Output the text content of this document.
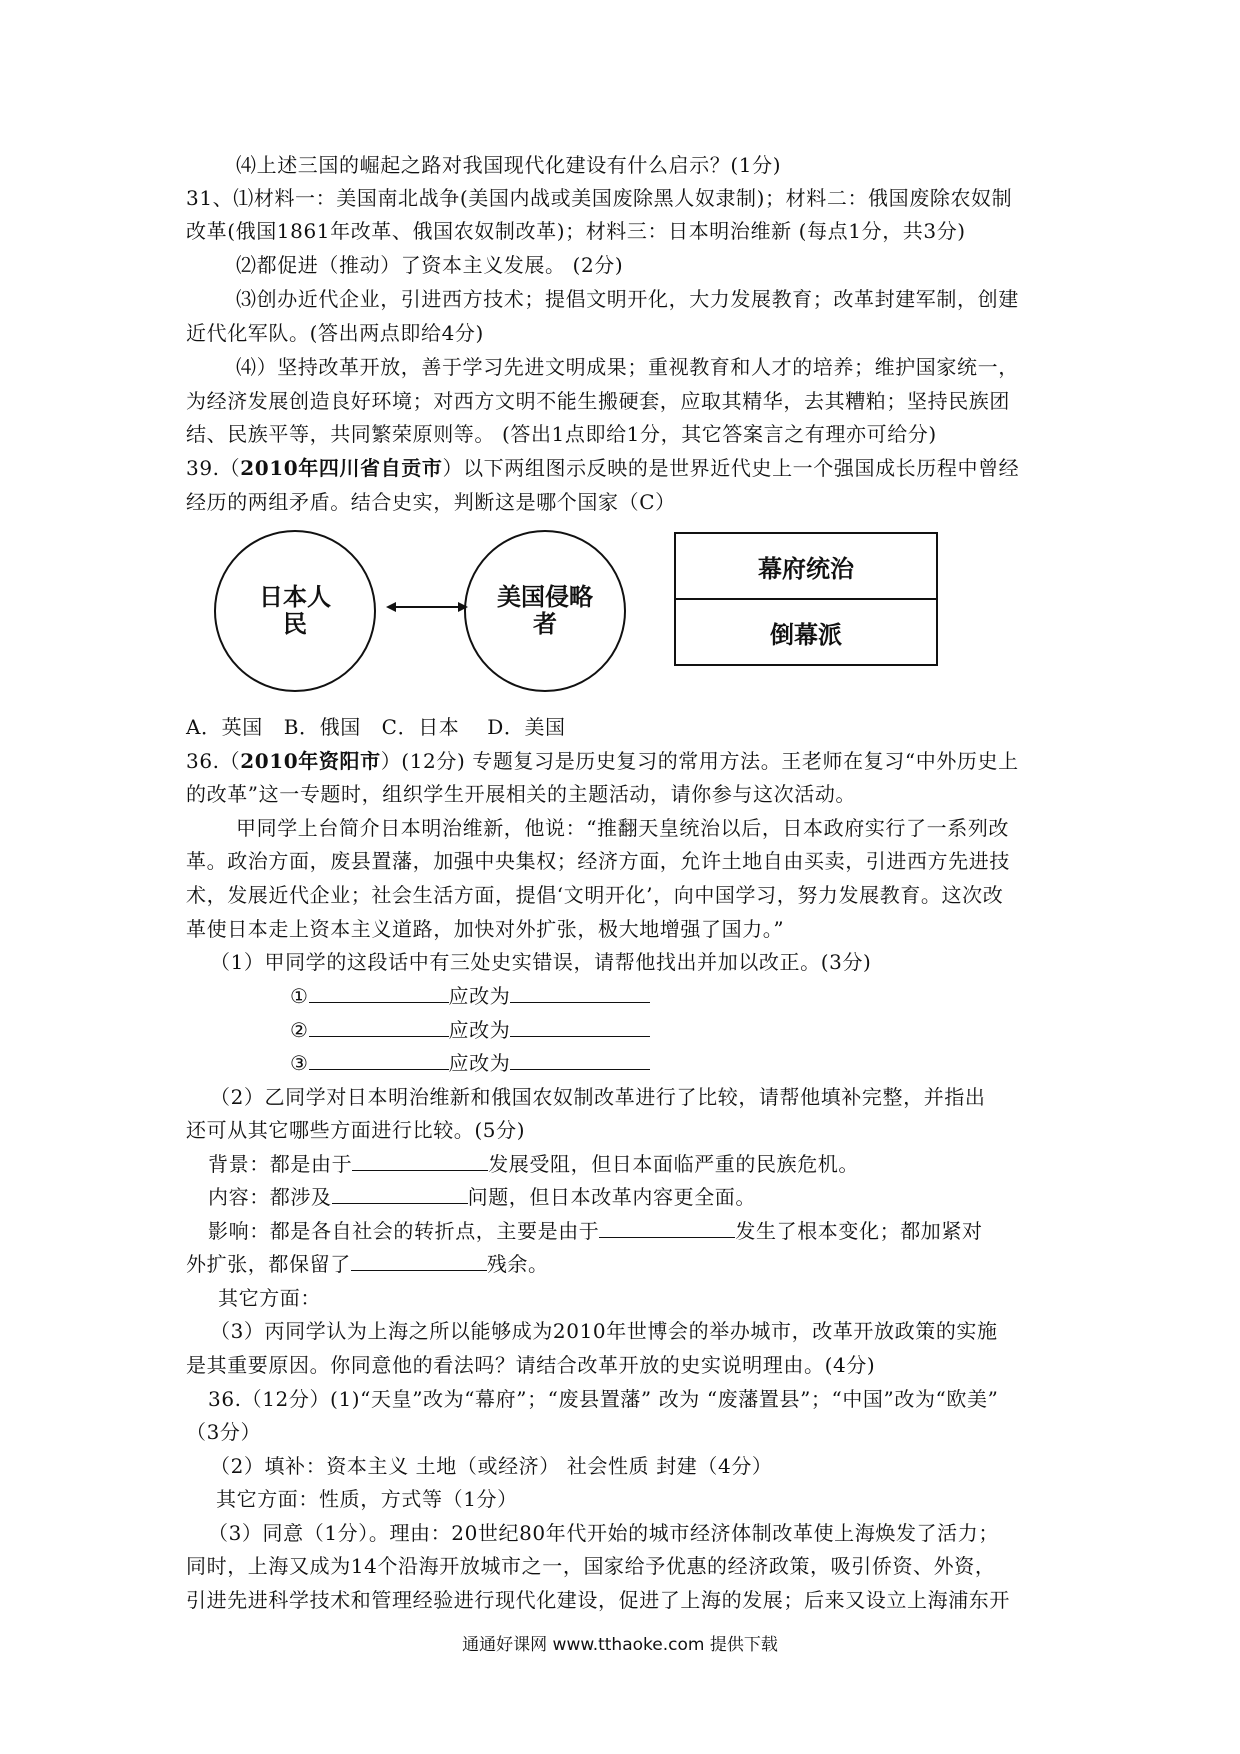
⑷上述三国的崛起之路对我国现代化建设有什么启示？(1分)
31、⑴材料一：美国南北战争(美国内战或美国废除黑人奴隶制)；材料二：俄国废除农奴制
改革(俄国1861年改革、俄国农奴制改革)；材料三：日本明治维新 (每点1分，共3分)
⑵都促进（推动）了资本主义发展。 (2分)
⑶创办近代企业，引进西方技术；提倡文明开化，大力发展教育；改革封建军制，创建
近代化军队。(答出两点即给4分)
⑷）坚持改革开放，善于学习先进文明成果；重视教育和人才的培养；维护国家统一，
为经济发展创造良好环境；对西方文明不能生搬硬套，应取其精华，去其糟粕；坚持民族团
结、民族平等，共同繁荣原则等。 (答出1点即给1分，其它答案言之有理亦可给分)
39.（2010年四川省自贡市）以下两组图示反映的是世界近代史上一个强国成长历程中曾经
经历的两组矛盾。结合史实，判断这是哪个国家（C）
日本人民
美国侵略者
幕府统治
倒幕派
A．英国   B．俄国   C．日本    D．美国
36.（2010年资阳市）(12分) 专题复习是历史复习的常用方法。王老师在复习“中外历史上
的改革”这一专题时，组织学生开展相关的主题活动，请你参与这次活动。
甲同学上台简介日本明治维新，他说：“推翻天皇统治以后，日本政府实行了一系列改
革。政治方面，废县置藩，加强中央集权；经济方面，允许土地自由买卖，引进西方先进技
术，发展近代企业；社会生活方面，提倡‘文明开化’，向中国学习，努力发展教育。这次改
革使日本走上资本主义道路，加快对外扩张，极大地增强了国力。”
（1）甲同学的这段话中有三处史实错误，请帮他找出并加以改正。(3分)
①	应改为
②	应改为
③	应改为
（2）乙同学对日本明治维新和俄国农奴制改革进行了比较，请帮他填补完整，并指出
还可从其它哪些方面进行比较。(5分)
背景：都是由于	发展受阻，但日本面临严重的民族危机。
内容：都涉及	问题，但日本改革内容更全面。
影响：都是各自社会的转折点，主要是由于	发生了根本变化；都加紧对
外扩张，都保留了	残余。
其它方面：
（3）丙同学认为上海之所以能够成为2010年世博会的举办城市，改革开放政策的实施
是其重要原因。你同意他的看法吗？请结合改革开放的史实说明理由。(4分)
36.（12分）(1)“天皇”改为“幕府”；“废县置藩” 改为 “废藩置县”；“中国”改为“欧美”
（3分）
（2）填补：资本主义 土地（或经济） 社会性质 封建（4分）
其它方面：性质，方式等（1分）
（3）同意（1分）。理由：20世纪80年代开始的城市经济体制改革使上海焕发了活力；
同时，上海又成为14个沿海开放城市之一，国家给予优惠的经济政策，吸引侨资、外资，
引进先进科学技术和管理经验进行现代化建设，促进了上海的发展；后来又设立上海浦东开
通通好课网 www.tthaoke.com 提供下载
